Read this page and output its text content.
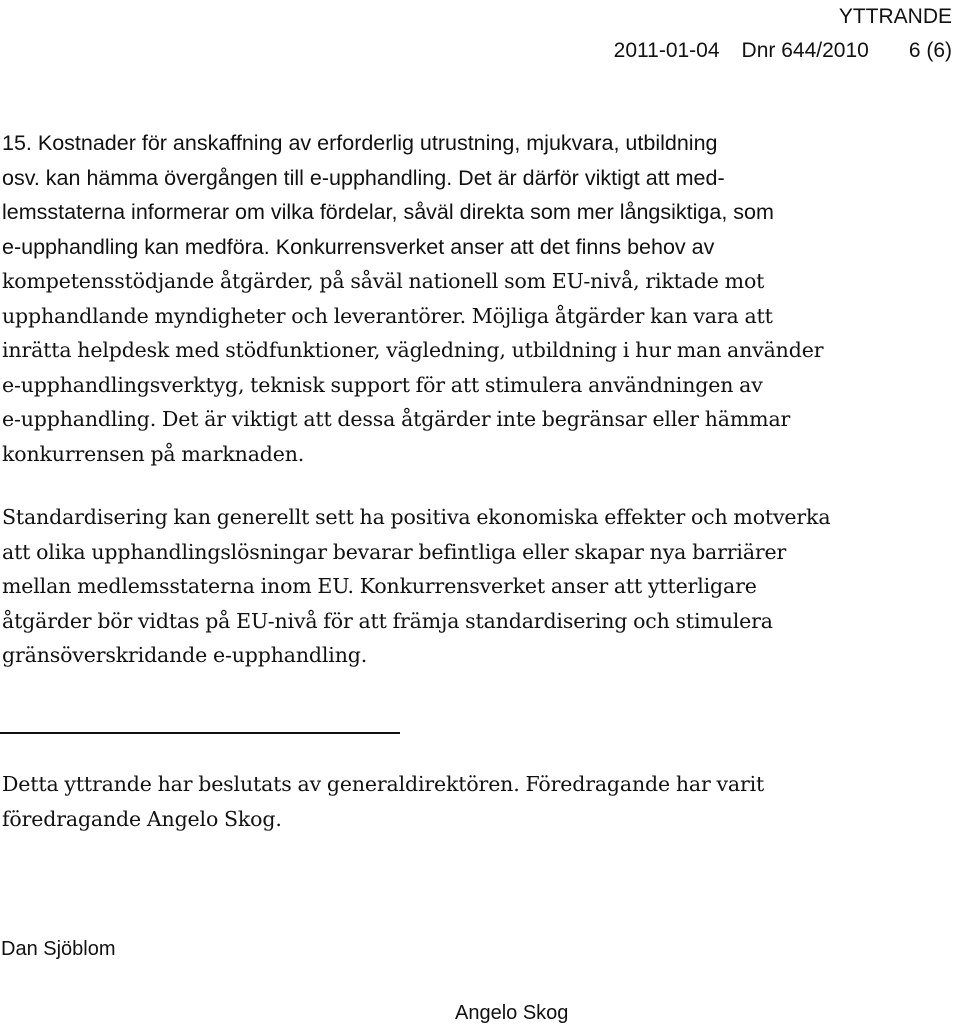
YTTRANDE
2011-01-04 Dnr 644/2010 6 (6)
15. Kostnader för anskaffning av erforderlig utrustning, mjukvara, utbildning
osv. kan hämma övergången till e-upphandling. Det är därför viktigt att med-
lemsstaterna informerar om vilka fördelar, såväl direkta som mer långsiktiga, som
e-upphandling kan medföra. Konkurrensverket anser att det finns behov av
kompetensstödjande åtgärder, på såväl nationell som EU-nivå, riktade mot
upphandlande myndigheter och leverantörer. Möjliga åtgärder kan vara att
inrätta helpdesk med stödfunktioner, vägledning, utbildning i hur man använder
e-upphandlingsverktyg, teknisk support för att stimulera användningen av
e-upphandling. Det är viktigt att dessa åtgärder inte begränsar eller hämmar
konkurrensen på marknaden.
Standardisering kan generellt sett ha positiva ekonomiska effekter och motverka
att olika upphandlingslösningar bevarar befintliga eller skapar nya barriärer
mellan medlemsstaterna inom EU. Konkurrensverket anser att ytterligare
åtgärder bör vidtas på EU-nivå för att främja standardisering och stimulera
gränsöverskridande e-upphandling.
Detta yttrande har beslutats av generaldirektören. Föredragande har varit
föredragande Angelo Skog.
Dan Sjöblom
Angelo Skog
